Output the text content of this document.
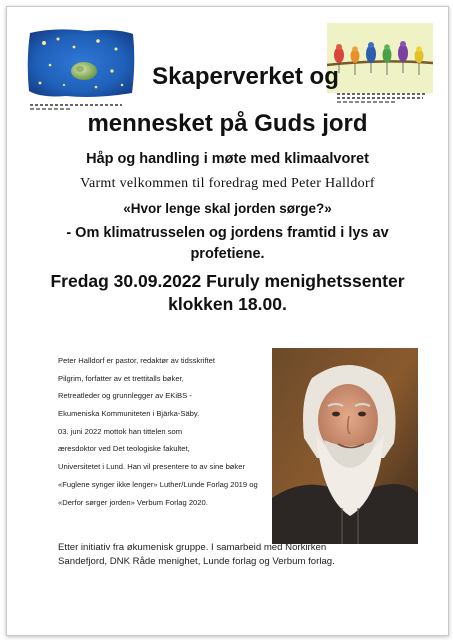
Skaperverket og
mennesket på Guds jord
Håp og handling i møte med klimaalvoret
Varmt velkommen til foredrag med Peter Halldorf
«Hvor lenge skal jorden sørge?»
- Om klimatrusselen og jordens framtid i lys av
profetiene.
Fredag 30.09.2022 Furuly menighetssenter
klokken 18.00.
Peter Halldorf er pastor, redaktør av tidsskriftet
Pilgrim, forfatter av et trettitalls bøker,
Retreatleder og grunnlegger av EKiBS -
Ekumeniska Kommuniteten i Bjärka-Säby.
03. juni 2022 mottok han tittelen som
æresdoktor ved Det teologiske fakultet,
Universitetet i Lund. Han vil presentere to av sine bøker
«Fuglene synger ikke lenger» Luther/Lunde Forlag 2019 og
«Derfor sørger jorden» Verbum Forlag 2020.
Etter initiativ fra økumenisk gruppe. I samarbeid med Norkirken
Sandefjord, DNK Råde menighet, Lunde forlag og Verbum forlag.
